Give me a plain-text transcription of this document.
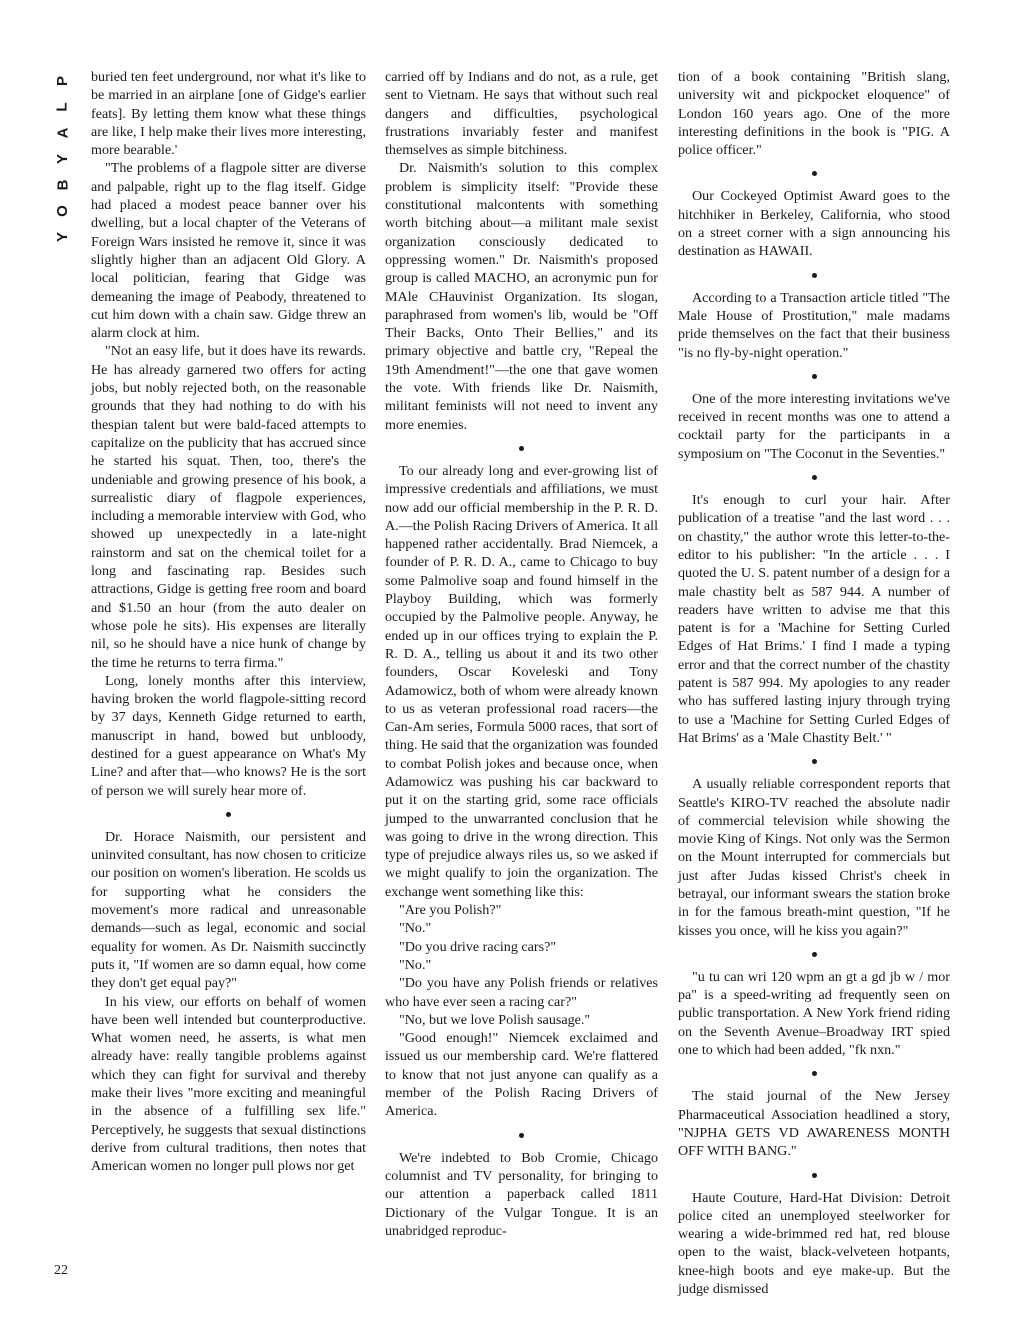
P
L
A
Y
B
O
Y

buried ten feet underground, nor what it's like to be married in an airplane [one of Gidge's earlier feats]. By letting them know what these things are like, I help make their lives more interesting, more bearable.'

"The problems of a flagpole sitter are diverse and palpable, right up to the flag itself. Gidge had placed a modest peace banner over his dwelling, but a local chapter of the Veterans of Foreign Wars insisted he remove it, since it was slightly higher than an adjacent Old Glory. A local politician, fearing that Gidge was demeaning the image of Peabody, threatened to cut him down with a chain saw. Gidge threw an alarm clock at him.

"Not an easy life, but it does have its rewards. He has already garnered two offers for acting jobs, but nobly rejected both, on the reasonable grounds that they had nothing to do with his thespian talent but were bald-faced attempts to capitalize on the publicity that has accrued since he started his squat. Then, too, there's the undeniable and growing presence of his book, a surrealistic diary of flagpole experiences, including a memorable interview with God, who showed up unexpectedly in a late-night rainstorm and sat on the chemical toilet for a long and fascinating rap. Besides such attractions, Gidge is getting free room and board and $1.50 an hour (from the auto dealer on whose pole he sits). His expenses are literally nil, so he should have a nice hunk of change by the time he returns to terra firma."

Long, lonely months after this interview, having broken the world flagpole-sitting record by 37 days, Kenneth Gidge returned to earth, manuscript in hand, bowed but unbloody, destined for a guest appearance on What's My Line? and after that—who knows? He is the sort of person we will surely hear more of.

Dr. Horace Naismith, our persistent and uninvited consultant, has now chosen to criticize our position on women's liberation. He scolds us for supporting what he considers the movement's more radical and unreasonable demands—such as legal, economic and social equality for women. As Dr. Naismith succinctly puts it, "If women are so damn equal, how come they don't get equal pay?"

In his view, our efforts on behalf of women have been well intended but counterproductive. What women need, he asserts, is what men already have: really tangible problems against which they can fight for survival and thereby make their lives "more exciting and meaningful in the absence of a fulfilling sex life." Perceptively, he suggests that sexual distinctions derive from cultural traditions, then notes that American women no longer pull plows nor get

carried off by Indians and do not, as a rule, get sent to Vietnam. He says that without such real dangers and difficulties, psychological frustrations invariably fester and manifest themselves as simple bitchiness.

Dr. Naismith's solution to this complex problem is simplicity itself: "Provide these constitutional malcontents with something worth bitching about—a militant male sexist organization consciously dedicated to oppressing women." Dr. Naismith's proposed group is called MACHO, an acronymic pun for MAle CHauvinist Organization. Its slogan, paraphrased from women's lib, would be "Off Their Backs, Onto Their Bellies," and its primary objective and battle cry, "Repeal the 19th Amendment!"—the one that gave women the vote. With friends like Dr. Naismith, militant feminists will not need to invent any more enemies.

To our already long and ever-growing list of impressive credentials and affiliations, we must now add our official membership in the P. R. D. A.—the Polish Racing Drivers of America. It all happened rather accidentally. Brad Niemcek, a founder of P. R. D. A., came to Chicago to buy some Palmolive soap and found himself in the Playboy Building, which was formerly occupied by the Palmolive people. Anyway, he ended up in our offices trying to explain the P. R. D. A., telling us about it and its two other founders, Oscar Koveleski and Tony Adamowicz, both of whom were already known to us as veteran professional road racers—the Can-Am series, Formula 5000 races, that sort of thing. He said that the organization was founded to combat Polish jokes and because once, when Adamowicz was pushing his car backward to put it on the starting grid, some race officials jumped to the unwarranted conclusion that he was going to drive in the wrong direction. This type of prejudice always riles us, so we asked if we might qualify to join the organization. The exchange went something like this:

"Are you Polish?"

"No."

"Do you drive racing cars?"

"No."

"Do you have any Polish friends or relatives who have ever seen a racing car?"

"No, but we love Polish sausage."

"Good enough!" Niemcek exclaimed and issued us our membership card. We're flattered to know that not just anyone can qualify as a member of the Polish Racing Drivers of America.

We're indebted to Bob Cromie, Chicago columnist and TV personality, for bringing to our attention a paperback called 1811 Dictionary of the Vulgar Tongue. It is an unabridged reproduc-

tion of a book containing "British slang, university wit and pickpocket eloquence" of London 160 years ago. One of the more interesting definitions in the book is "PIG. A police officer."

Our Cockeyed Optimist Award goes to the hitchhiker in Berkeley, California, who stood on a street corner with a sign announcing his destination as HAWAII.

According to a Transaction article titled "The Male House of Prostitution," male madams pride themselves on the fact that their business "is no fly-by-night operation."

One of the more interesting invitations we've received in recent months was one to attend a cocktail party for the participants in a symposium on "The Coconut in the Seventies."

It's enough to curl your hair. After publication of a treatise "and the last word . . . on chastity," the author wrote this letter-to-the-editor to his publisher: "In the article . . . I quoted the U. S. patent number of a design for a male chastity belt as 587 944. A number of readers have written to advise me that this patent is for a 'Machine for Setting Curled Edges of Hat Brims.' I find I made a typing error and that the correct number of the chastity patent is 587 994. My apologies to any reader who has suffered lasting injury through trying to use a 'Machine for Setting Curled Edges of Hat Brims' as a 'Male Chastity Belt.' "

A usually reliable correspondent reports that Seattle's KIRO-TV reached the absolute nadir of commercial television while showing the movie King of Kings. Not only was the Sermon on the Mount interrupted for commercials but just after Judas kissed Christ's cheek in betrayal, our informant swears the station broke in for the famous breath-mint question, "If he kisses you once, will he kiss you again?"

"u tu can wri 120 wpm an gt a gd jb w / mor pa" is a speed-writing ad frequently seen on public transportation. A New York friend riding on the Seventh Avenue–Broadway IRT spied one to which had been added, "fk nxn."

The staid journal of the New Jersey Pharmaceutical Association headlined a story, "NJPHA GETS VD AWARENESS MONTH OFF WITH BANG."

Haute Couture, Hard-Hat Division: Detroit police cited an unemployed steelworker for wearing a wide-brimmed red hat, red blouse open to the waist, black-velveteen hotpants, knee-high boots and eye make-up. But the judge dismissed

22
